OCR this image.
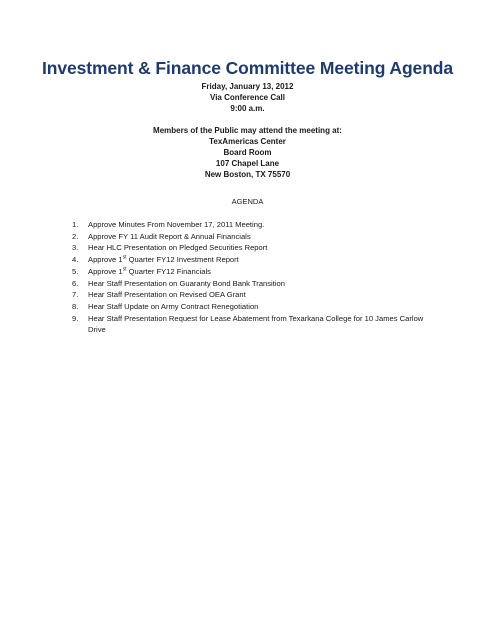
Investment & Finance Committee Meeting Agenda
Friday, January 13, 2012
Via Conference Call
9:00 a.m.
Members of the Public may attend the meeting at:
TexAmericas Center
Board Room
107 Chapel Lane
New Boston, TX 75570
AGENDA
1. Approve Minutes From November 17, 2011 Meeting.
2. Approve FY 11 Audit Report & Annual Financials
3. Hear HLC Presentation on Pledged Securities Report
4. Approve 1st Quarter FY12 Investment Report
5. Approve 1st Quarter FY12 Financials
6. Hear Staff Presentation on Guaranty Bond Bank Transition
7. Hear Staff Presentation on Revised OEA Grant
8. Hear Staff Update on Army Contract Renegotiation
9. Hear Staff Presentation Request for Lease Abatement from Texarkana College for 10 James Carlow Drive
